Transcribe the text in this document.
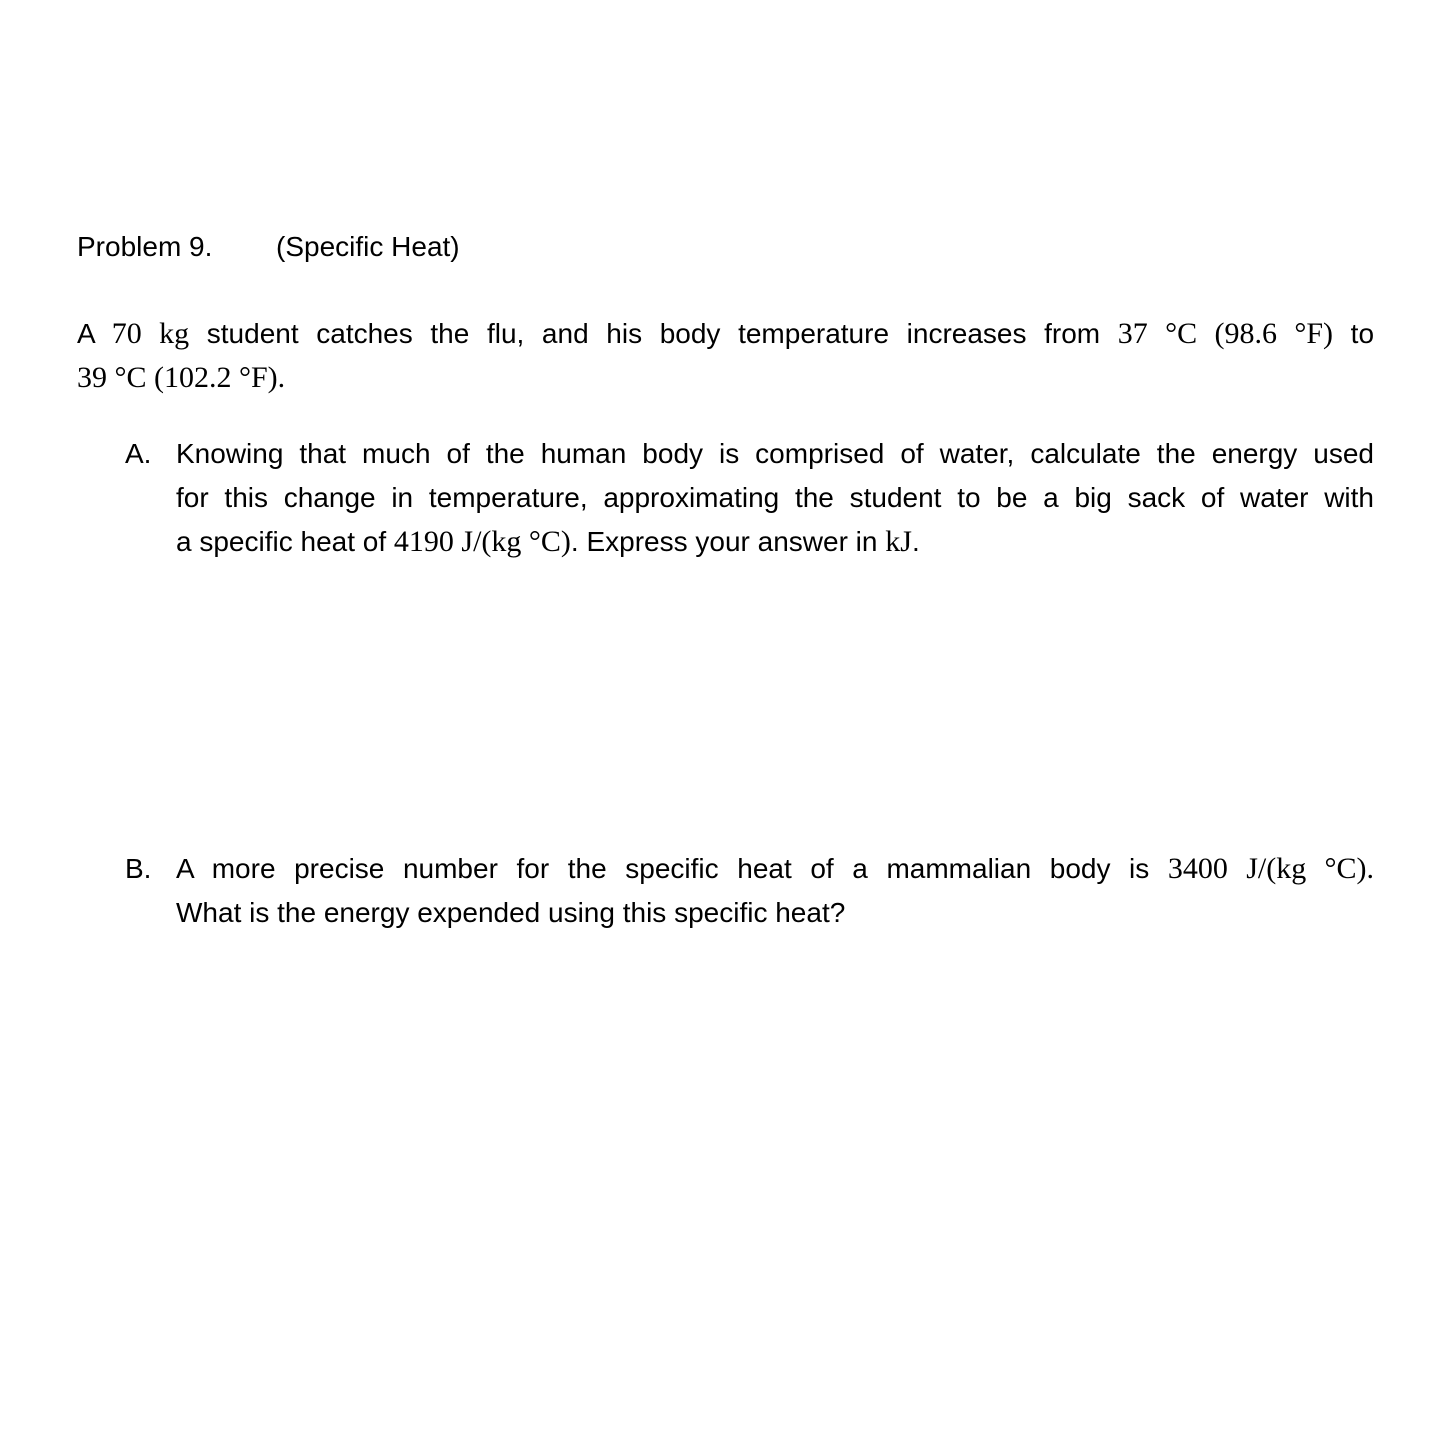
Problem 9. (Specific Heat)
A 70 kg student catches the flu, and his body temperature increases from 37 °C (98.6 °F) to
39 °C (102.2 °F).
A. Knowing that much of the human body is comprised of water, calculate the energy used
for this change in temperature, approximating the student to be a big sack of water with
a specific heat of 4190 J/(kg °C). Express your answer in kJ.
B. A more precise number for the specific heat of a mammalian body is 3400 J/(kg °C).
What is the energy expended using this specific heat?
